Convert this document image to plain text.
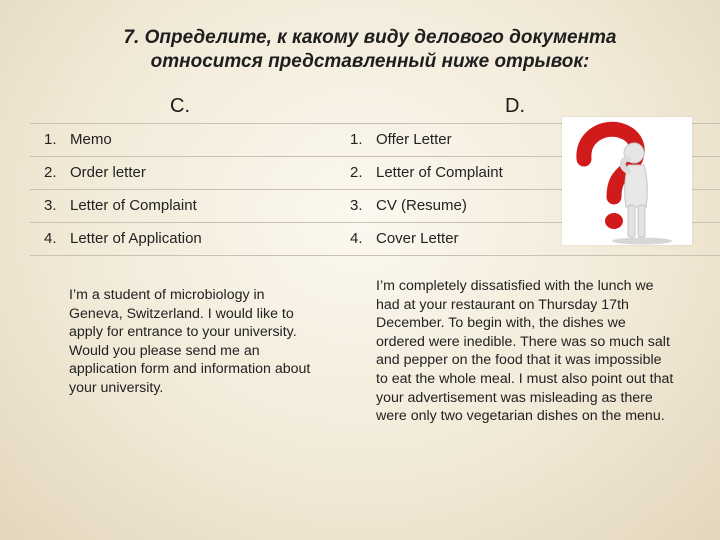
7. Определите, к какому виду делового документа
относится представленный ниже отрывок:
C.	D.
1. Memo
2. Order letter
3. Letter of Complaint
4. Letter of Application
1. Offer Letter
2. Letter of Complaint
3. CV (Resume)
4. Cover Letter
I’m a student of microbiology in Geneva, Switzerland. I would like to apply for entrance to your university. Would you please send me an application form and information about your university.
I’m completely dissatisfied with the lunch we had at your restaurant on Thursday 17th December. To begin with, the dishes we ordered were inedible. There was so much salt and pepper on the food that it was impossible to eat the whole meal. I must also point out that your advertisement was misleading as there were only two vegetarian dishes on the menu.
